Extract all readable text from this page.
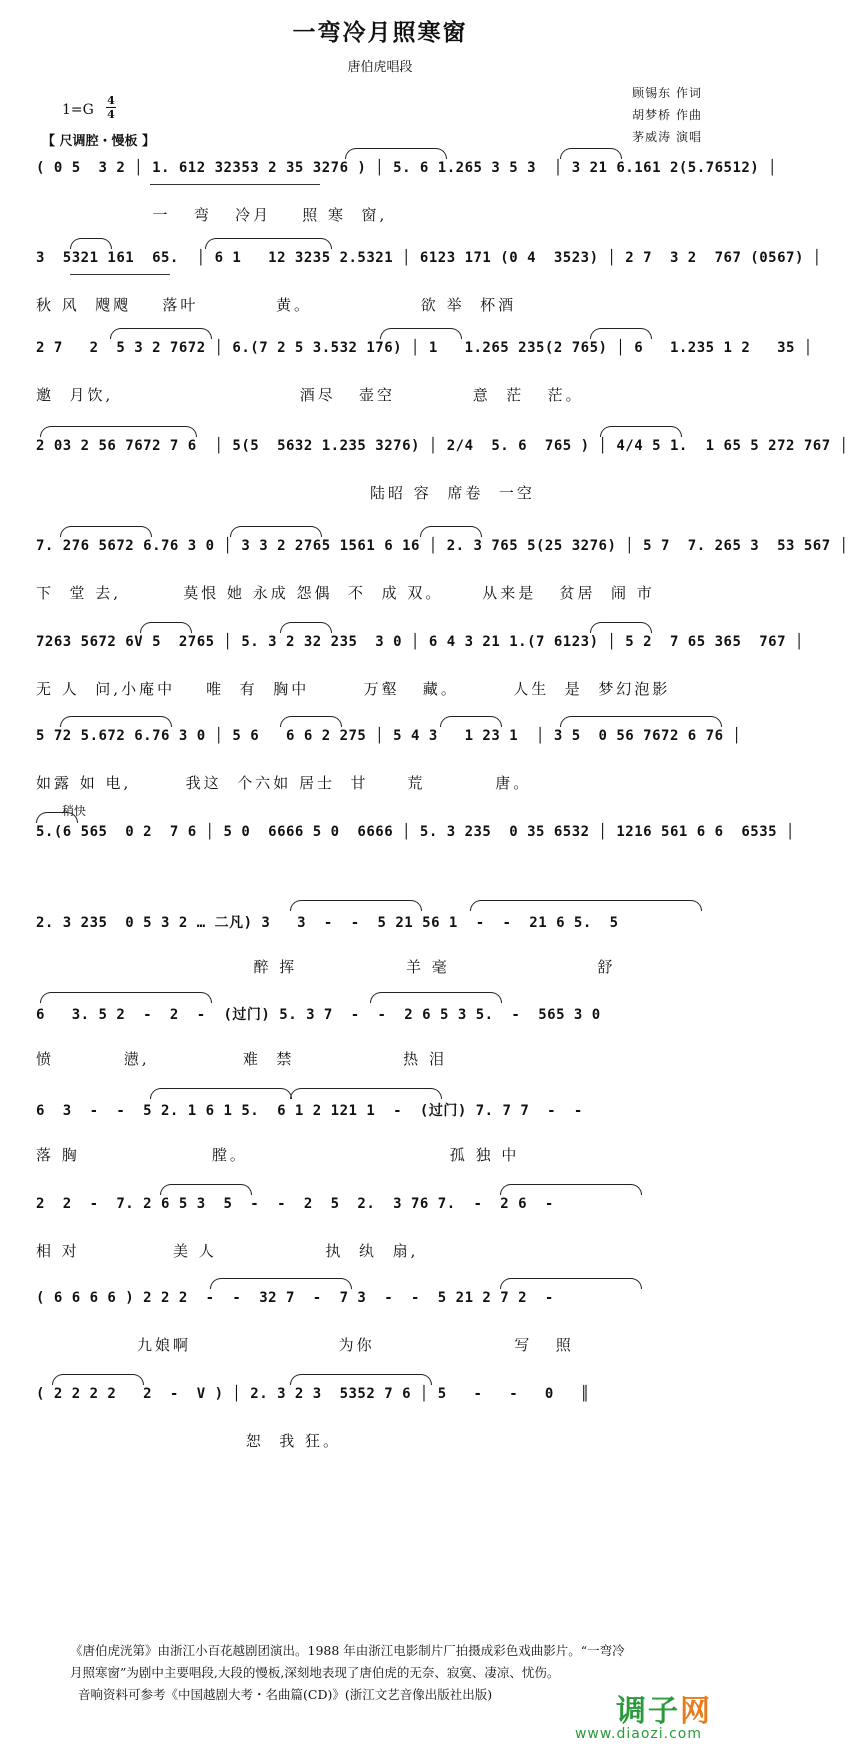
一弯冷月照寒窗
唐伯虎唱段
顾锡东 作词
胡梦桥 作曲
茅威涛 演唱
1=G
4
4
【 尺调腔・慢板 】
( 0 5  3 2 │ 1. 612 32353 2 35 3276 ) │ 5. 6 1.265 3 5 3  │ 3 21 6.161 2(5.76512) │
一   弯   冷月    照 寒  窗,
3  5321 161  65.  │ 6 1   12 3235 2.5321 │ 6123 171 (0 4  3523) │ 2 7  3 2  767 (0567) │
秋 风  飕飕    落叶          黄。              欲 举  杯酒
2 7   2  5 3 2 7672 │ 6.(7 2 5 3.532 176) │ 1   1.265 235(2 765) │ 6   1.235 1 2   35 │
邀  月饮,                        酒尽   壶空          意  茫   茫。
2 03 2 56 7672 7 6  │ 5(5  5632 1.235 3276) │ 2/4  5. 6  765 ) │ 4/4 5 1.  1 65 5 272 767 │
陆昭 容  席卷  一空
7. 276 5672 6.76 3 0 │ 3 3 2 2765 1561 6 16 │ 2. 3 765 5(25 3276) │ 5 7  7. 265 3  53 567 │
下  堂 去,        莫恨 她 永成 怨偶  不  成 双。     从来是   贫居  闹 市
7263 5672 6V 5  2765 │ 5. 3 2 32 235  3 0 │ 6 4 3 21 1.(7 6123) │ 5 2  7 65 365  767 │
无 人  问,小庵中    唯  有  胸中       万壑   藏。       人生  是  梦幻泡影
5 72 5.672 6.76 3 0 │ 5 6   6 6 2 275 │ 5 4 3   1 23 1  │ 3 5  0 56 7672 6 76 │
如露 如 电,       我这  个六如 居士  甘     荒         唐。
稍快
5.(6 565  0 2  7 6 │ 5 0  6666 5 0  6666 │ 5. 3 235  0 35 6532 │ 1216 561 6 6  6535 │
2. 3 235  0 5 3 2 … 二凡) 3   3  -  -  5 21 56 1  -  -  21 6 5.  5
醉 挥              羊 毫                   舒
6   3. 5 2  -  2  -  (过门) 5. 3 7  -  -  2 6 5 3 5.  -  565 3 0
愤         懑,            难  禁              热 泪
6  3  -  -  5 2. 1 6 1 5.  6 1 2 121 1  -  (过门) 7. 7 7  -  -
落 胸                 膛。                          孤 独 中
2  2  -  7. 2 6 5 3  5  -  -  2  5  2.  3 76 7.  -  2 6  -
相 对            美 人              执  纨  扇,
( 6 6 6 6 ) 2 2 2  -  -  32 7  -  7 3  -  -  5 21 2 7 2  -
九娘啊                   为你                  写   照
( 2 2 2 2   2  -  V ) │ 2. 3 2 3  5352 7 6 │ 5   -   -   0   ║
恕  我 狂。
《唐伯虎洸第》由浙江小百花越剧团演出。1988 年由浙江电影制片厂拍摄成彩色戏曲影片。“一弯冷
月照寒窗”为剧中主要唱段,大段的慢板,深刻地表现了唐伯虎的无奈、寂寞、凄凉、忧伤。
音响资料可参考《中国越剧大考・名曲篇(CD)》(浙江文艺音像出版社出版)	调子网
www.diaozi.com
